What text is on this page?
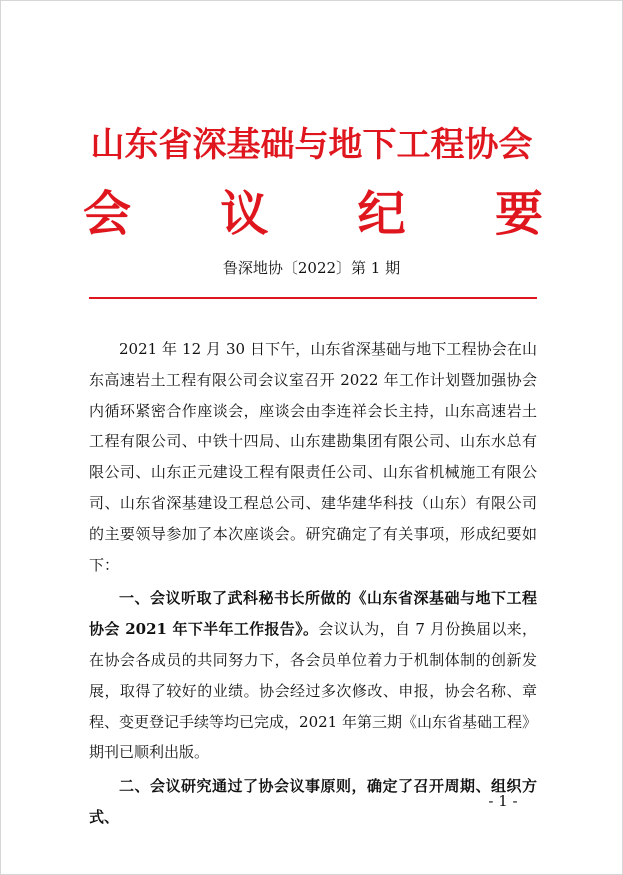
山东省深基础与地下工程协会
会 议 纪 要
鲁深地协〔2022〕第 1 期

2021 年 12 月 30 日下午，山东省深基础与地下工程协会在山东高速岩土工程有限公司会议室召开 2022 年工作计划暨加强协会内循环紧密合作座谈会，座谈会由李连祥会长主持，山东高速岩土工程有限公司、中铁十四局、山东建勘集团有限公司、山东水总有限公司、山东正元建设工程有限责任公司、山东省机械施工有限公司、山东省深基建设工程总公司、建华建华科技（山东）有限公司的主要领导参加了本次座谈会。研究确定了有关事项，形成纪要如下：

一、会议听取了武科秘书长所做的《山东省深基础与地下工程协会 2021 年下半年工作报告》。会议认为，自 7 月份换届以来，在协会各成员的共同努力下，各会员单位着力于机制体制的创新发展，取得了较好的业绩。协会经过多次修改、申报，协会名称、章程、变更登记手续等均已完成，2021 年第三期《山东省基础工程》期刊已顺利出版。

二、会议研究通过了协会议事原则，确定了召开周期、组织方式、

- 1 -
